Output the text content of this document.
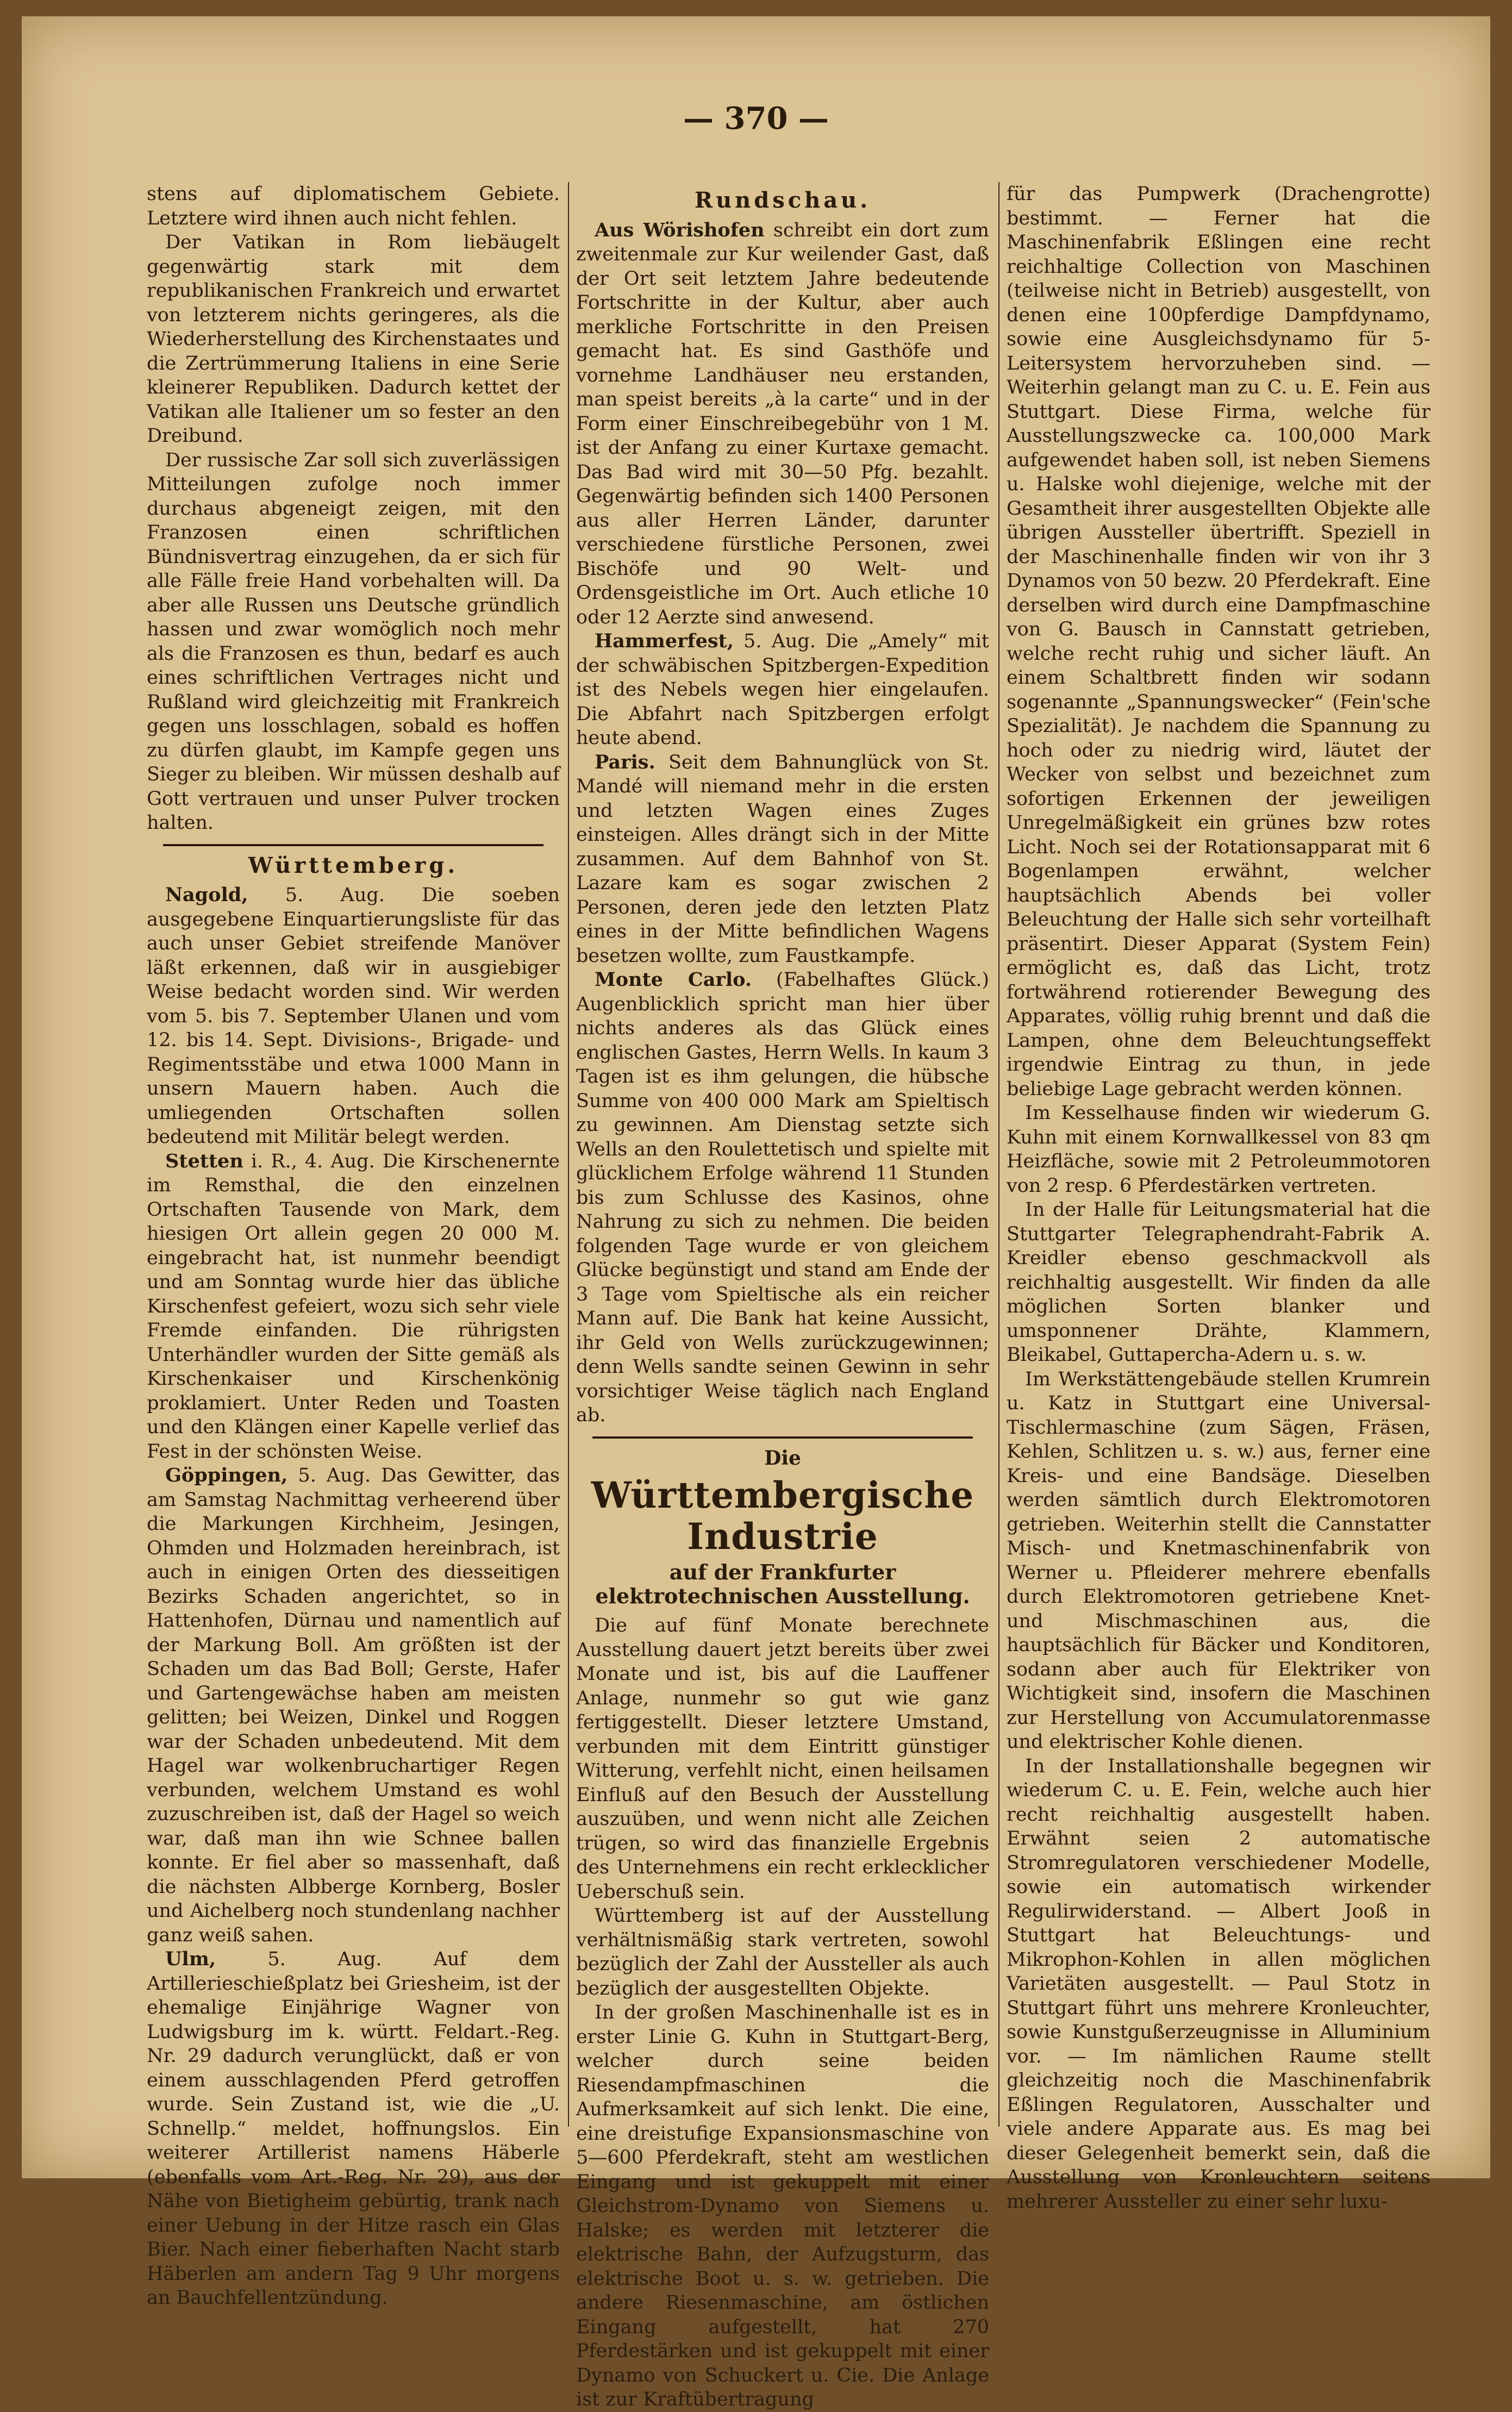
— 370 —

stens auf diplomatischem Gebiete. Letztere wird ihnen auch nicht fehlen.

Der Vatikan in Rom liebäugelt gegenwärtig stark mit dem republikanischen Frankreich und erwartet von letzterem nichts geringeres, als die Wiederherstellung des Kirchenstaates und die Zertrümmerung Italiens in eine Serie kleinerer Republiken. Dadurch kettet der Vatikan alle Italiener um so fester an den Dreibund.

Der russische Zar soll sich zuverlässigen Mitteilungen zufolge noch immer durchaus abgeneigt zeigen, mit den Franzosen einen schriftlichen Bündnisvertrag einzugehen, da er sich für alle Fälle freie Hand vorbehalten will. Da aber alle Russen uns Deutsche gründlich hassen und zwar womöglich noch mehr als die Franzosen es thun, bedarf es auch eines schriftlichen Vertrages nicht und Rußland wird gleichzeitig mit Frankreich gegen uns losschlagen, sobald es hoffen zu dürfen glaubt, im Kampfe gegen uns Sieger zu bleiben. Wir müssen deshalb auf Gott vertrauen und unser Pulver trocken halten.

Württemberg.

Nagold, 5. Aug. Die soeben ausgegebene Einquartierungsliste für das auch unser Gebiet streifende Manöver läßt erkennen, daß wir in ausgiebiger Weise bedacht worden sind. Wir werden vom 5. bis 7. September Ulanen und vom 12. bis 14. Sept. Divisions-, Brigade- und Regimentsstäbe und etwa 1000 Mann in unsern Mauern haben. Auch die umliegenden Ortschaften sollen bedeutend mit Militär belegt werden.

Stetten i. R., 4. Aug. Die Kirschenernte im Remsthal, die den einzelnen Ortschaften Tausende von Mark, dem hiesigen Ort allein gegen 20 000 M. eingebracht hat, ist nunmehr beendigt und am Sonntag wurde hier das übliche Kirschenfest gefeiert, wozu sich sehr viele Fremde einfanden. Die rührigsten Unterhändler wurden der Sitte gemäß als Kirschenkaiser und Kirschenkönig proklamiert. Unter Reden und Toasten und den Klängen einer Kapelle verlief das Fest in der schönsten Weise.

Göppingen, 5. Aug. Das Gewitter, das am Samstag Nachmittag verheerend über die Markungen Kirchheim, Jesingen, Ohmden und Holzmaden hereinbrach, ist auch in einigen Orten des diesseitigen Bezirks Schaden angerichtet, so in Hattenhofen, Dürnau und namentlich auf der Markung Boll. Am größten ist der Schaden um das Bad Boll; Gerste, Hafer und Gartengewächse haben am meisten gelitten; bei Weizen, Dinkel und Roggen war der Schaden unbedeutend. Mit dem Hagel war wolkenbruchartiger Regen verbunden, welchem Umstand es wohl zuzuschreiben ist, daß der Hagel so weich war, daß man ihn wie Schnee ballen konnte. Er fiel aber so massenhaft, daß die nächsten Albberge Kornberg, Bosler und Aichelberg noch stundenlang nachher ganz weiß sahen.

Ulm, 5. Aug. Auf dem Artillerieschießplatz bei Griesheim, ist der ehemalige Einjährige Wagner von Ludwigsburg im k. württ. Feldart.-Reg. Nr. 29 dadurch verunglückt, daß er von einem ausschlagenden Pferd getroffen wurde. Sein Zustand ist, wie die „U. Schnellp.“ meldet, hoffnungslos. Ein weiterer Artillerist namens Häberle (ebenfalls vom Art.-Reg. Nr. 29), aus der Nähe von Bietigheim gebürtig, trank nach einer Uebung in der Hitze rasch ein Glas Bier. Nach einer fieberhaften Nacht starb Häberlen am andern Tag 9 Uhr morgens an Bauchfellentzündung.

Rundschau.

Aus Wörishofen schreibt ein dort zum zweitenmale zur Kur weilender Gast, daß der Ort seit letztem Jahre bedeutende Fortschritte in der Kultur, aber auch merkliche Fortschritte in den Preisen gemacht hat. Es sind Gasthöfe und vornehme Landhäuser neu erstanden, man speist bereits „à la carte“ und in der Form einer Einschreibegebühr von 1 M. ist der Anfang zu einer Kurtaxe gemacht. Das Bad wird mit 30—50 Pfg. bezahlt. Gegenwärtig befinden sich 1400 Personen aus aller Herren Länder, darunter verschiedene fürstliche Personen, zwei Bischöfe und 90 Welt- und Ordensgeistliche im Ort. Auch etliche 10 oder 12 Aerzte sind anwesend.

Hammerfest, 5. Aug. Die „Amely“ mit der schwäbischen Spitzbergen-Expedition ist des Nebels wegen hier eingelaufen. Die Abfahrt nach Spitzbergen erfolgt heute abend.

Paris. Seit dem Bahnunglück von St. Mandé will niemand mehr in die ersten und letzten Wagen eines Zuges einsteigen. Alles drängt sich in der Mitte zusammen. Auf dem Bahnhof von St. Lazare kam es sogar zwischen 2 Personen, deren jede den letzten Platz eines in der Mitte befindlichen Wagens besetzen wollte, zum Faustkampfe.

Monte Carlo. (Fabelhaftes Glück.) Augenblicklich spricht man hier über nichts anderes als das Glück eines englischen Gastes, Herrn Wells. In kaum 3 Tagen ist es ihm gelungen, die hübsche Summe von 400 000 Mark am Spieltisch zu gewinnen. Am Dienstag setzte sich Wells an den Roulettetisch und spielte mit glücklichem Erfolge während 11 Stunden bis zum Schlusse des Kasinos, ohne Nahrung zu sich zu nehmen. Die beiden folgenden Tage wurde er von gleichem Glücke begünstigt und stand am Ende der 3 Tage vom Spieltische als ein reicher Mann auf. Die Bank hat keine Aussicht, ihr Geld von Wells zurückzugewinnen; denn Wells sandte seinen Gewinn in sehr vorsichtiger Weise täglich nach England ab.

Die
Württembergische Industrie
auf der Frankfurter elektrotechnischen Ausstellung.

Die auf fünf Monate berechnete Ausstellung dauert jetzt bereits über zwei Monate und ist, bis auf die Lauffener Anlage, nunmehr so gut wie ganz fertiggestellt. Dieser letztere Umstand, verbunden mit dem Eintritt günstiger Witterung, verfehlt nicht, einen heilsamen Einfluß auf den Besuch der Ausstellung auszuüben, und wenn nicht alle Zeichen trügen, so wird das finanzielle Ergebnis des Unternehmens ein recht erklecklicher Ueberschuß sein.

Württemberg ist auf der Ausstellung verhältnismäßig stark vertreten, sowohl bezüglich der Zahl der Aussteller als auch bezüglich der ausgestellten Objekte.

In der großen Maschinenhalle ist es in erster Linie G. Kuhn in Stuttgart-Berg, welcher durch seine beiden Riesendampfmaschinen die Aufmerksamkeit auf sich lenkt. Die eine, eine dreistufige Expansionsmaschine von 5—600 Pferdekraft, steht am westlichen Eingang und ist gekuppelt mit einer Gleichstrom-Dynamo von Siemens u. Halske; es werden mit letzterer die elektrische Bahn, der Aufzugsturm, das elektrische Boot u. s. w. getrieben. Die andere Riesenmaschine, am östlichen Eingang aufgestellt, hat 270 Pferdestärken und ist gekuppelt mit einer Dynamo von Schuckert u. Cie. Die Anlage ist zur Kraftübertragung

für das Pumpwerk (Drachengrotte) bestimmt. — Ferner hat die Maschinenfabrik Eßlingen eine recht reichhaltige Collection von Maschinen (teilweise nicht in Betrieb) ausgestellt, von denen eine 100pferdige Dampfdynamo, sowie eine Ausgleichsdynamo für 5-Leitersystem hervorzuheben sind. — Weiterhin gelangt man zu C. u. E. Fein aus Stuttgart. Diese Firma, welche für Ausstellungszwecke ca. 100,000 Mark aufgewendet haben soll, ist neben Siemens u. Halske wohl diejenige, welche mit der Gesamtheit ihrer ausgestellten Objekte alle übrigen Aussteller übertrifft. Speziell in der Maschinenhalle finden wir von ihr 3 Dynamos von 50 bezw. 20 Pferdekraft. Eine derselben wird durch eine Dampfmaschine von G. Bausch in Cannstatt getrieben, welche recht ruhig und sicher läuft. An einem Schaltbrett finden wir sodann sogenannte „Spannungswecker“ (Fein'sche Spezialität). Je nachdem die Spannung zu hoch oder zu niedrig wird, läutet der Wecker von selbst und bezeichnet zum sofortigen Erkennen der jeweiligen Unregelmäßigkeit ein grünes bzw rotes Licht. Noch sei der Rotationsapparat mit 6 Bogenlampen erwähnt, welcher hauptsächlich Abends bei voller Beleuchtung der Halle sich sehr vorteilhaft präsentirt. Dieser Apparat (System Fein) ermöglicht es, daß das Licht, trotz fortwährend rotierender Bewegung des Apparates, völlig ruhig brennt und daß die Lampen, ohne dem Beleuchtungseffekt irgendwie Eintrag zu thun, in jede beliebige Lage gebracht werden können.

Im Kesselhause finden wir wiederum G. Kuhn mit einem Kornwallkessel von 83 qm Heizfläche, sowie mit 2 Petroleummotoren von 2 resp. 6 Pferdestärken vertreten.

In der Halle für Leitungsmaterial hat die Stuttgarter Telegraphendraht-Fabrik A. Kreidler ebenso geschmackvoll als reichhaltig ausgestellt. Wir finden da alle möglichen Sorten blanker und umsponnener Drähte, Klammern, Bleikabel, Guttapercha-Adern u. s. w.

Im Werkstättengebäude stellen Krumrein u. Katz in Stuttgart eine Universal-Tischlermaschine (zum Sägen, Fräsen, Kehlen, Schlitzen u. s. w.) aus, ferner eine Kreis- und eine Bandsäge. Dieselben werden sämtlich durch Elektromotoren getrieben. Weiterhin stellt die Cannstatter Misch- und Knetmaschinenfabrik von Werner u. Pfleiderer mehrere ebenfalls durch Elektromotoren getriebene Knet- und Mischmaschinen aus, die hauptsächlich für Bäcker und Konditoren, sodann aber auch für Elektriker von Wichtigkeit sind, insofern die Maschinen zur Herstellung von Accumulatorenmasse und elektrischer Kohle dienen.

In der Installationshalle begegnen wir wiederum C. u. E. Fein, welche auch hier recht reichhaltig ausgestellt haben. Erwähnt seien 2 automatische Stromregulatoren verschiedener Modelle, sowie ein automatisch wirkender Regulirwiderstand. — Albert Jooß in Stuttgart hat Beleuchtungs- und Mikrophon-Kohlen in allen möglichen Varietäten ausgestellt. — Paul Stotz in Stuttgart führt uns mehrere Kronleuchter, sowie Kunstgußerzeugnisse in Alluminium vor. — Im nämlichen Raume stellt gleichzeitig noch die Maschinenfabrik Eßlingen Regulatoren, Ausschalter und viele andere Apparate aus. Es mag bei dieser Gelegenheit bemerkt sein, daß die Ausstellung von Kronleuchtern seitens mehrerer Aussteller zu einer sehr luxu-
